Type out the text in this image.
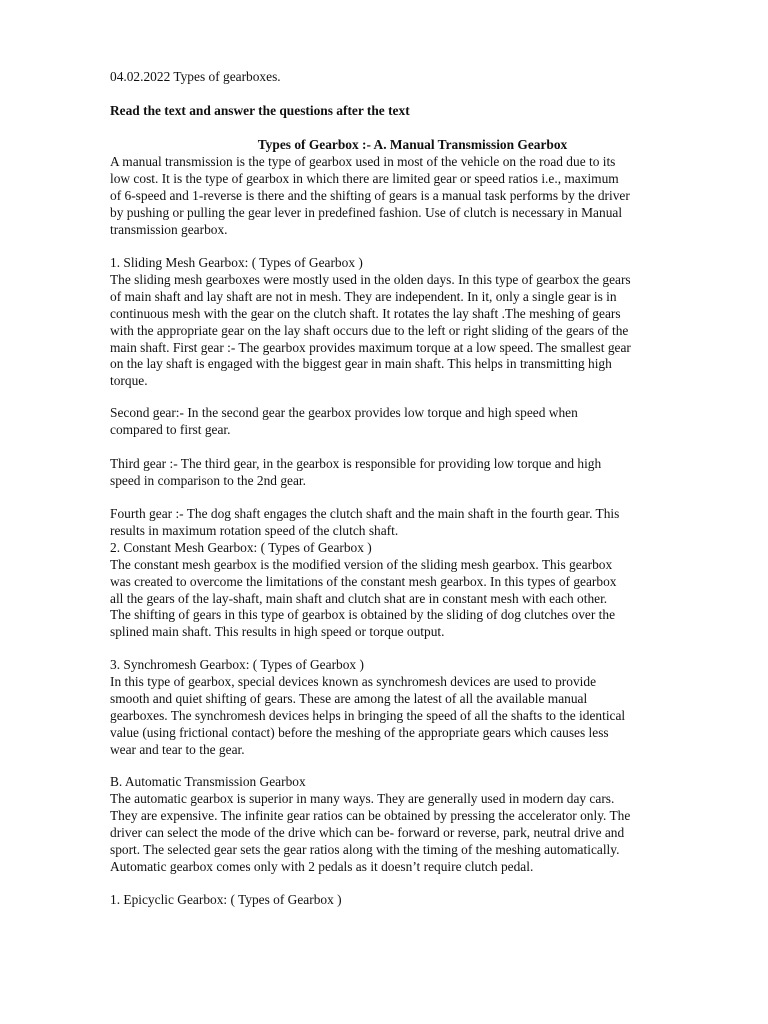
04.02.2022 Types of gearboxes.
Read the text and answer the questions after the text
Types of Gearbox :- A. Manual Transmission Gearbox
A manual transmission is the type of gearbox used in most of the vehicle on the road due to its
low cost. It is the type of gearbox in which there are limited gear or speed ratios i.e., maximum
of 6-speed and 1-reverse is there and the shifting of gears is a manual task performs by the driver
by pushing or pulling the gear lever in predefined fashion. Use of clutch is necessary in Manual
transmission gearbox.
1. Sliding Mesh Gearbox: ( Types of Gearbox )
The sliding mesh gearboxes were mostly used in the olden days. In this type of gearbox the gears
of main shaft and lay shaft are not in mesh. They are independent. In it, only a single gear is in
continuous mesh with the gear on the clutch shaft. It rotates the lay shaft .The meshing of gears
with the appropriate gear on the lay shaft occurs due to the left or right sliding of the gears of the
main shaft. First gear :- The gearbox provides maximum torque at a low speed. The smallest gear
on the lay shaft is engaged with the biggest gear in main shaft. This helps in transmitting high
torque.
Second gear:- In the second gear the gearbox provides low torque and high speed when
compared to first gear.
Third gear :- The third gear, in the gearbox is responsible for providing low torque and high
speed in comparison to the 2nd gear.
Fourth gear :- The dog shaft engages the clutch shaft and the main shaft in the fourth gear. This
results in maximum rotation speed of the clutch shaft.
2. Constant Mesh Gearbox: ( Types of Gearbox )
The constant mesh gearbox is the modified version of the sliding mesh gearbox. This gearbox
was created to overcome the limitations of the constant mesh gearbox. In this types of gearbox
all the gears of the lay-shaft, main shaft and clutch shat are in constant mesh with each other.
The shifting of gears in this type of gearbox is obtained by the sliding of dog clutches over the
splined main shaft. This results in high speed or torque output.
3. Synchromesh Gearbox: ( Types of Gearbox )
In this type of gearbox, special devices known as synchromesh devices are used to provide
smooth and quiet shifting of gears. These are among the latest of all the available manual
gearboxes. The synchromesh devices helps in bringing the speed of all the shafts to the identical
value (using frictional contact) before the meshing of the appropriate gears which causes less
wear and tear to the gear.
B. Automatic Transmission Gearbox
The automatic gearbox is superior in many ways. They are generally used in modern day cars.
They are expensive. The infinite gear ratios can be obtained by pressing the accelerator only. The
driver can select the mode of the drive which can be- forward or reverse, park, neutral drive and
sport. The selected gear sets the gear ratios along with the timing of the meshing automatically.
Automatic gearbox comes only with 2 pedals as it doesn’t require clutch pedal.
1. Epicyclic Gearbox: ( Types of Gearbox )
